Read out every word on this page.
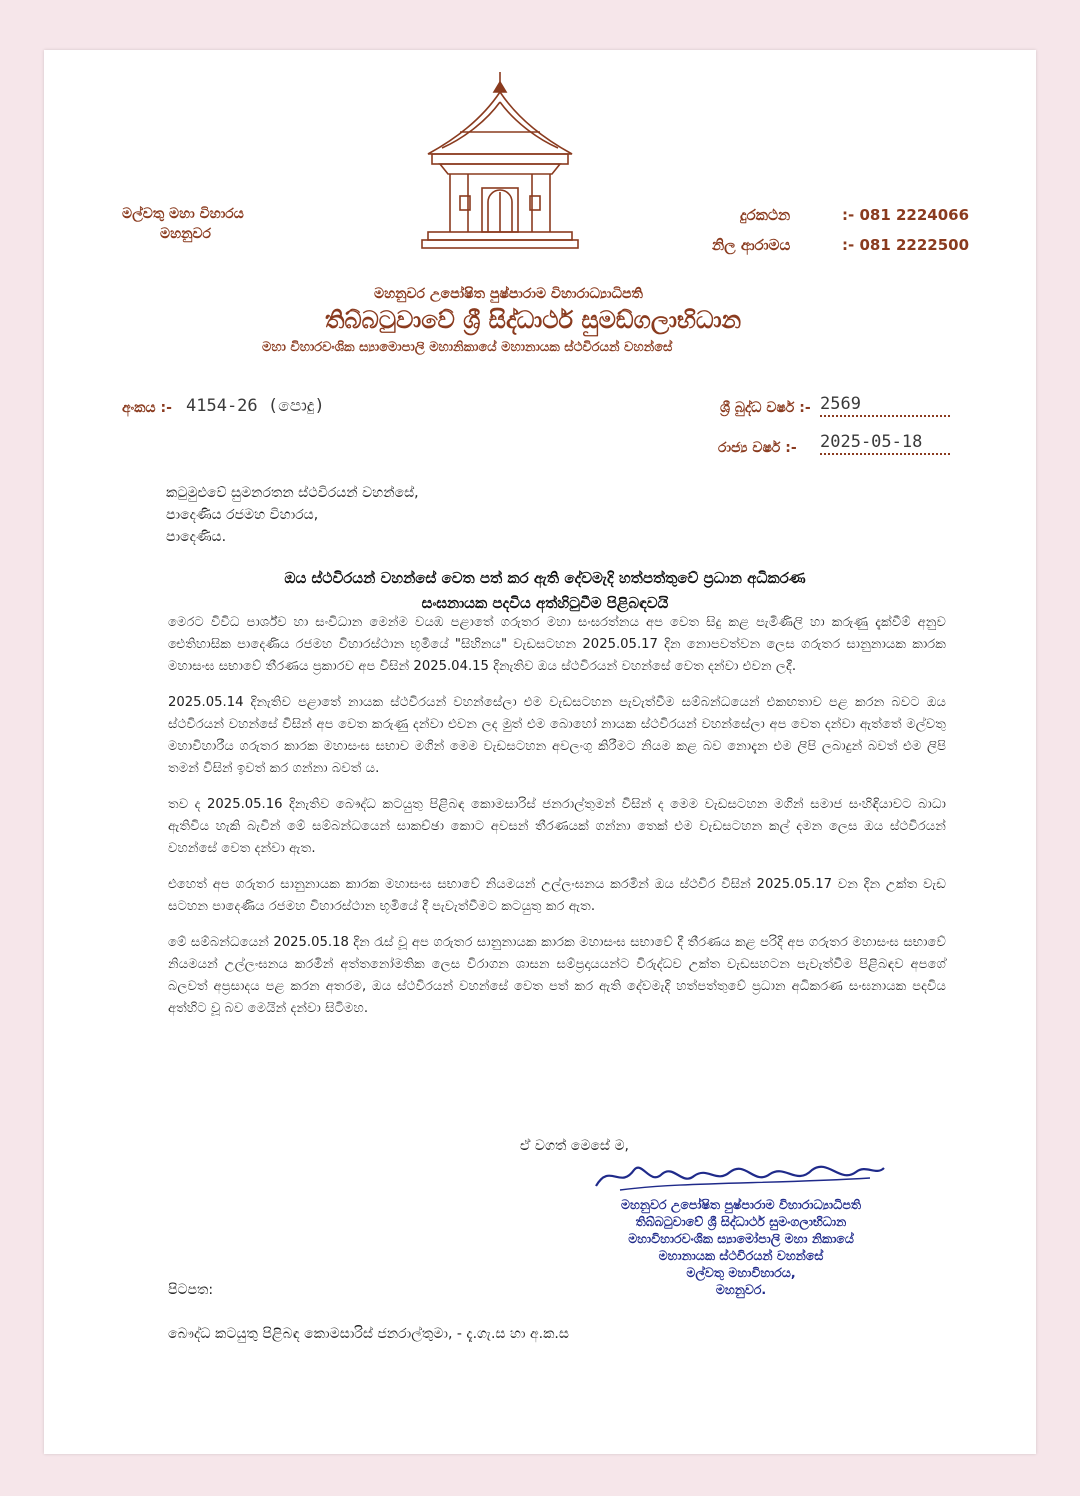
මල්වතු මහා විහාරය
මහනුවර
දුරකථන	:- 081 2224066
නිල ආරාමය	:- 081 2222500
මහනුවර උපෝෂිත පුෂ්පාරාම විහාරාධ්‍යාධිපති
තිබ්බටුවාවේ ශ්‍රී සිද්ධාර්ථ සුමඞ්ගලාභිධාන
මහා විහාරවංශික ස්‍යාමොපාලි මහානිකායේ මහානායක ස්ථවිරයන් වහන්සේ
අංකය :- 4154-26 (පොදු)	ශ්‍රී බුද්ධ වර්ෂ :- 2569
රාජ්‍ය වර්ෂ :- 2025-05-18
කටුමුළුවේ සුමනරතන ස්ථවිරයන් වහන්සේ,
පාදෙණිය රජමහ විහාරය,
පාදෙණිය.
ඔය ස්ථවිරයන් වහන්සේ වෙත පත් කර ඇති දේවමැදි හත්පත්තුවේ ප්‍රධාන අධිකරණ
සංඝනායක පදවිය අත්හිටුවීම පිළිබඳවයි

මෙරට විවිධ පාර්ශ්ව හා සංවිධාන මෙන්ම වයඹ පළාතේ ගරුතර මහා සංඝරත්නය අප වෙත සිදු කළ පැමිණිලි හා කරුණු දැක්වීම් අනුව ඓතිහාසික පාදෙණිය රජමහ විහාරස්ථාන භූමියේ "සිහිනය" වැඩසටහන 2025.05.17 දින නොපවත්වන ලෙස ගරුතර සානුනායක කාරක මහාසංඝ සභාවේ තීරණය ප්‍රකාරව අප විසින් 2025.04.15 දිනැතිව ඔය ස්ථවිරයන් වහන්සේ වෙත දන්වා එවන ලදී.

2025.05.14 දිනැතිව පළාතේ නායක ස්ථවිරයන් වහන්සේලා එම වැඩසටහන පැවැත්වීම සම්බන්ධයෙන් එකඟතාව පළ කරන බවට ඔය ස්ථවිරයන් වහන්සේ විසින් අප වෙත කරුණු දන්වා එවන ලද මුත් එම බොහෝ නායක ස්ථවිරයන් වහන්සේලා අප වෙත දන්වා ඇත්තේ මල්වතු මහාවිහාරීය ගරුතර කාරක මහාසංඝ සභාව මගින් මෙම වැඩසටහන අවලංගු කිරීමට නියම කළ බව නොදැන එම ලිපි ලබාදුන් බවත් එම ලිපි තමන් විසින් ඉවත් කර ගන්නා බවත් ය.

තව ද 2025.05.16 දිනැතිව බෞද්ධ කටයුතු පිළිබඳ කොමසාරිස් ජනරාල්තුමන් විසින් ද මෙම වැඩසටහන මගින් සමාජ සංහිඳියාවට බාධා ඇතිවිය හැකි බැවින් මේ සම්බන්ධයෙන් සාකච්ඡා කොට අවසන් තීරණයක් ගන්නා තෙක් එම වැඩසටහන කල් දමන ලෙස ඔය ස්ථවිරයන් වහන්සේ වෙත දන්වා ඇත.

එහෙත් අප ගරුතර සානුනායක කාරක මහාසංඝ සභාවේ නියමයන් උල්ලංඝනය කරමින් ඔය ස්ථවිර විසින් 2025.05.17 වන දින උක්ත වැඩ සටහන පාදෙණිය රජමහ විහාරස්ථාන භූමියේ දී පැවැත්වීමට කටයුතු කර ඇත.

මේ සම්බන්ධයෙන් 2025.05.18 දින රැස් වූ අප ගරුතර සානුනායක කාරක මහාසංඝ සභාවේ දී තීරණය කළ පරිදි අප ගරුතර මහාසංඝ සභාවේ නියමයන් උල්ලංඝනය කරමින් අත්තනෝමතික ලෙස විරාගන ශාසන සම්ප්‍රදායයන්ට විරුද්ධව උක්ත වැඩසහටන පැවැත්වීම පිළිබඳව අපගේ බලවත් අප්‍රසාදය පළ කරන අතරම, ඔය ස්ථවිරයන් වහන්සේ වෙත පත් කර ඇති දේවමැදි හත්පත්තුවේ ප්‍රධාන අධිකරණ සංඝනායක පදවිය අත්හිට වූ බව මෙයින් දන්වා සිටිමහ.

ඒ වගත් මෙසේ ම,
මහනුවර උපෝෂිත පුෂ්පාරාම විහාරාධ්‍යාධිපති
තිබ්බටුවාවේ ශ්‍රී සිද්ධාර්ථ සුමංගලාභිධාන
මහාවිහාරවංශික ස්‍යාමෝපාලි මහා නිකායේ
මහානායක ස්ථවිරයන් වහන්සේ
මල්වතු මහාවිහාරය,
මහනුවර.
පිටපත:
බෞද්ධ කටයුතු පිළිබඳ කොමසාරිස් ජනරාල්තුමා, - දැ.ගැ.ස හා අ.ක.ස
